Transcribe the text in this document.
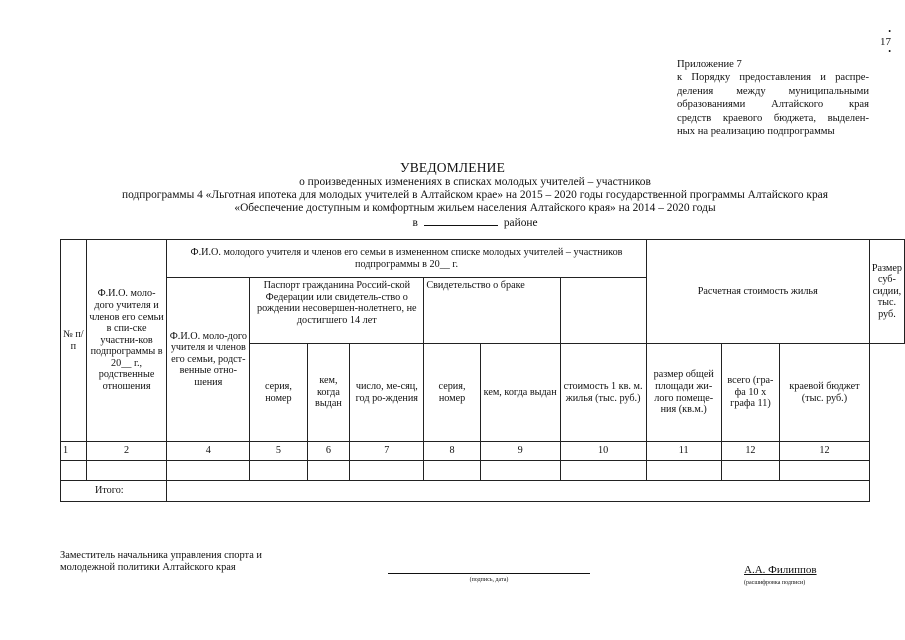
•
17
•
Приложение 7
к Порядку предоставления и распре-
деления между муниципальными
образованиями Алтайского края
средств краевого бюджета, выделен-
ных на реализацию подпрограммы
УВЕДОМЛЕНИЕ
о произведенных изменениях в списках молодых учителей – участников
подпрограммы 4 «Льготная ипотека для молодых учителей в Алтайском крае» на 2015 – 2020 годы государственной программы Алтайского края
«Обеспечение доступным и комфортным жильем населения Алтайского края» на 2014 – 2020 годы
в	районе
№ п/п	Ф.И.О. моло-дого учителя и членов его семьи в спи-ске участни-ков подпрограммы в 20__ г., родственные отношения	Ф.И.О. молодого учителя и членов его семьи в измененном списке молодых учителей – участников подпрограммы в 20__ г.							Расчетная стоимость жилья			Размер суб-сидии, тыс. руб.
		Ф.И.О. моло-дого учителя и членов его семьи, родст-венные отно-шения	Паспорт гражданина Россий-ской Федерации или свидетель-ство о рождении несовершен-нолетнего, не достигшего 14 лет			Свидетельство о браке						
			серия, номер	кем, когда выдан	число, ме-сяц, год ро-ждения	серия, номер	кем, когда выдан	стоимость 1 кв. м. жилья (тыс. руб.)	размер общей площади жи-лого помеще-ния (кв.м.)	всего (гра-фа 10 х графа 11)	краевой бюджет (тыс. руб.)	
1	2	4	5	6	7	8	9	10	11	12	12	

Итого:												
Заместитель начальника управления спорта и
молодежной политики Алтайского края
(подпись, дата)
А.А. Филиппов
(расшифровка подписи)
